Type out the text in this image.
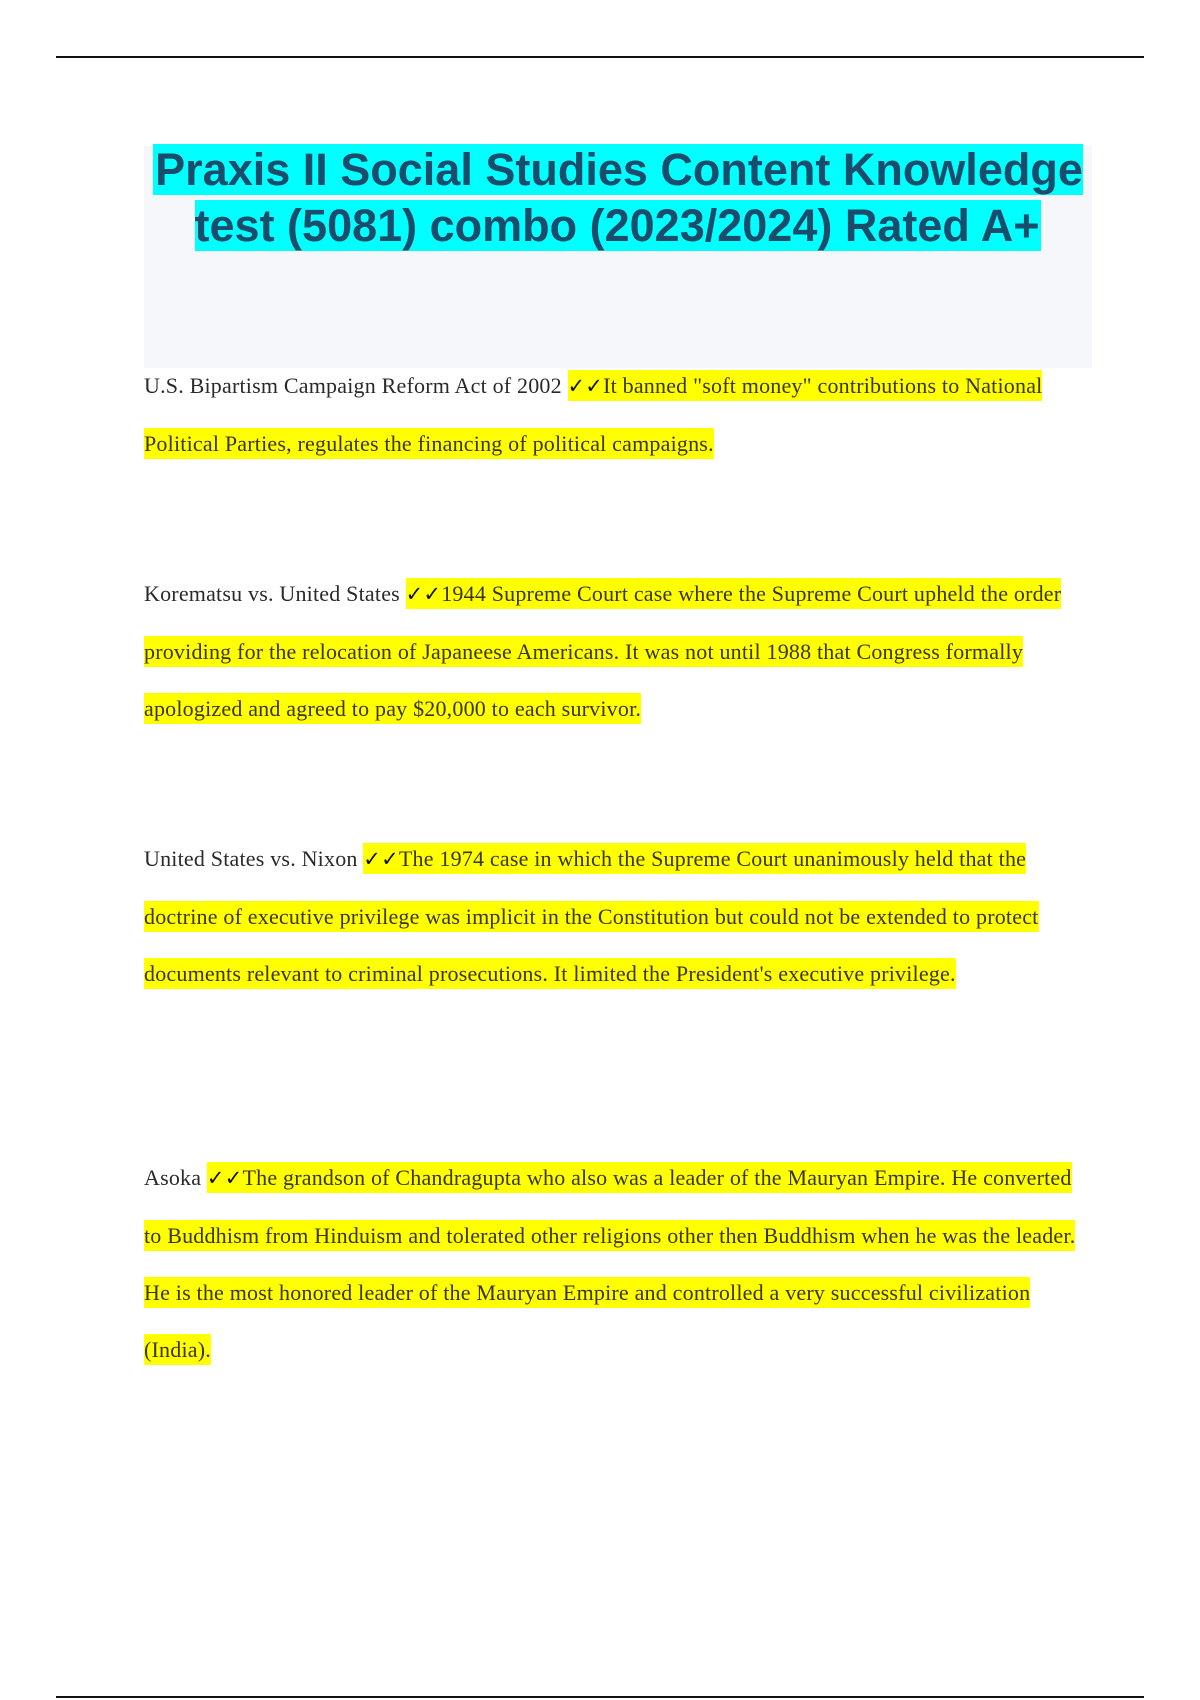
Praxis II Social Studies Content Knowledge test (5081) combo (2023/2024) Rated A+

U.S. Bipartism Campaign Reform Act of 2002 ✓✓It banned "soft money" contributions to National Political Parties, regulates the financing of political campaigns.

Korematsu vs. United States ✓✓1944 Supreme Court case where the Supreme Court upheld the order providing for the relocation of Japaneese Americans. It was not until 1988 that Congress formally apologized and agreed to pay $20,000 to each survivor.

United States vs. Nixon ✓✓The 1974 case in which the Supreme Court unanimously held that the doctrine of executive privilege was implicit in the Constitution but could not be extended to protect documents relevant to criminal prosecutions. It limited the President's executive privilege.

Asoka ✓✓The grandson of Chandragupta who also was a leader of the Mauryan Empire. He converted to Buddhism from Hinduism and tolerated other religions other then Buddhism when he was the leader. He is the most honored leader of the Mauryan Empire and controlled a very successful civilization (India).
